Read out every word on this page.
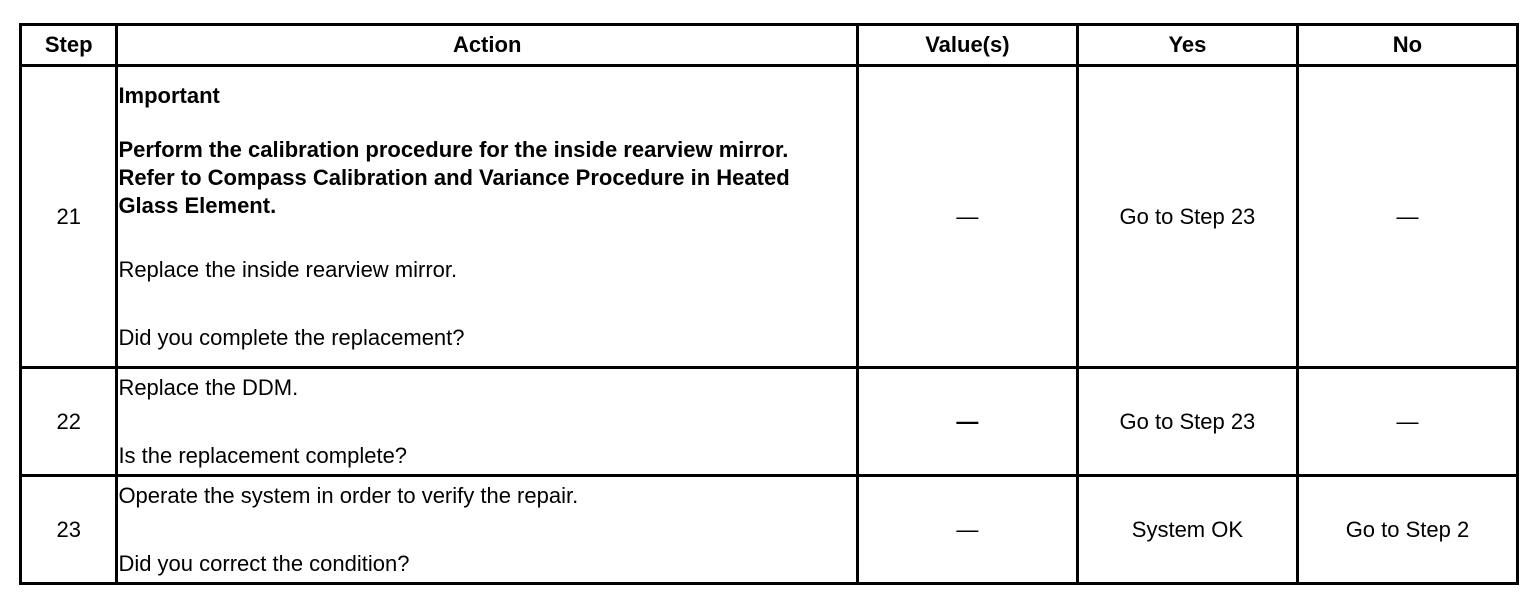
Step	Action	Value(s)	Yes	No
21	Important
Perform the calibration procedure for the inside rearview mirror. Refer to Compass Calibration and Variance Procedure in Heated Glass Element.
Replace the inside rearview mirror.
Did you complete the replacement?	—	Go to Step 23	—
22	Replace the DDM.
Is the replacement complete?	—	Go to Step 23	—
23	Operate the system in order to verify the repair.
Did you correct the condition?	—	System OK	Go to Step 2
